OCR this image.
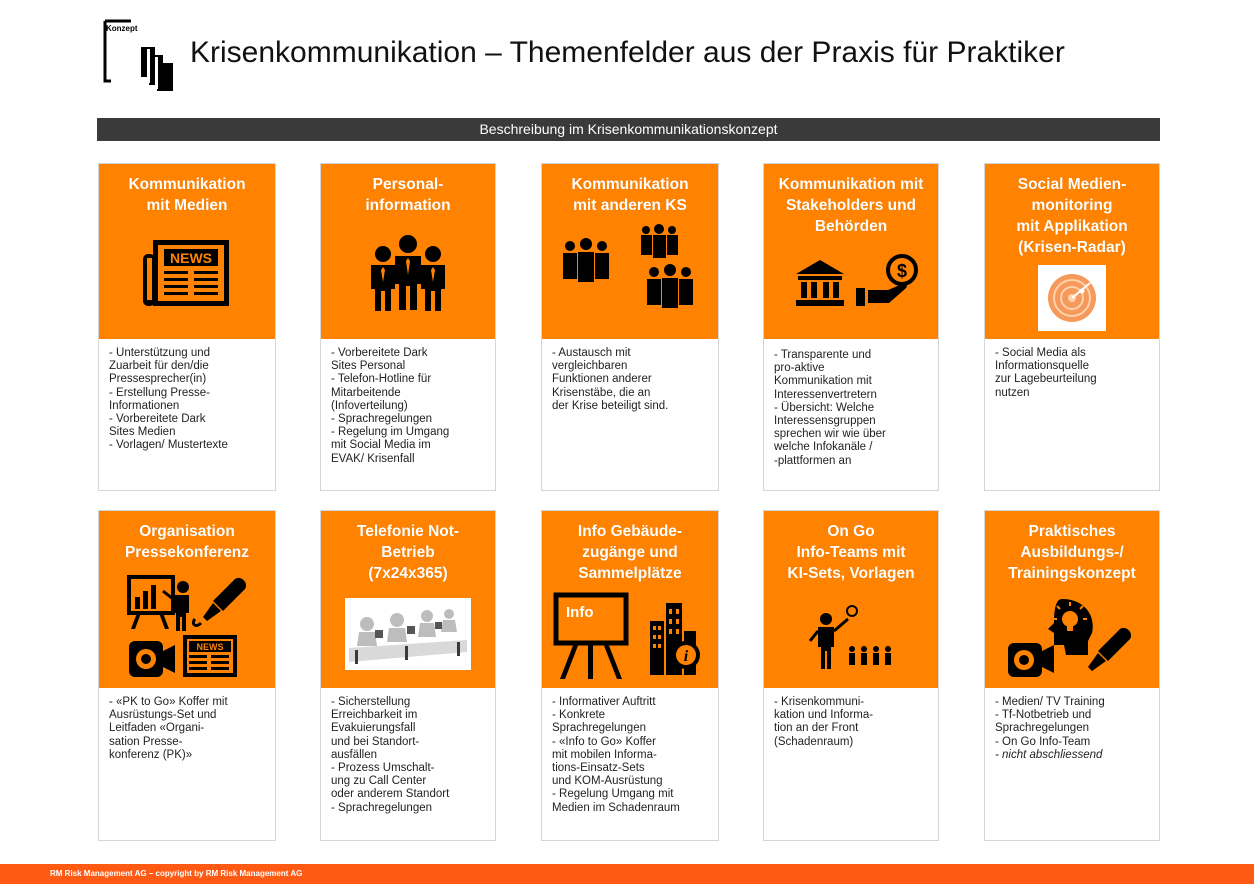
Konzept
Krisenkommunikation – Themenfelder aus der Praxis für Praktiker
Beschreibung im Krisenkommunikationskonzept
Kommunikation
mit Medien
NEWS
- Unterstützung und
Zuarbeit für den/die
Pressesprecher(in)
- Erstellung Presse-
Informationen
- Vorbereitete Dark
Sites Medien
- Vorlagen/ Mustertexte
Personal-
information
- Vorbereitete Dark
Sites Personal
- Telefon-Hotline für
Mitarbeitende
(Infoverteilung)
- Sprachregelungen
- Regelung im Umgang
mit Social Media im
EVAK/ Krisenfall
Kommunikation
mit anderen KS
- Austausch mit
vergleichbaren
Funktionen anderer
Krisenstäbe, die an
der Krise beteiligt sind.
Kommunikation mit
Stakeholders und
Behörden
$
- Transparente und
pro-aktive
Kommunikation mit
Interessenvertretern
- Übersicht: Welche
Interessensgruppen
sprechen wir wie über
welche Infokanäle /
-plattformen an
Social Medien-
monitoring
mit Applikation
(Krisen-Radar)
- Social Media als
Informationsquelle
zur Lagebeurteilung
nutzen
Organisation
Pressekonferenz
NEWS
- «PK to Go» Koffer mit
Ausrüstungs-Set und
Leitfaden «Organi-
sation Presse-
konferenz (PK)»
Telefonie Not-
Betrieb
(7x24x365)
- Sicherstellung
Erreichbarkeit im
Evakuierungsfall
und bei Standort-
ausfällen
- Prozess Umschalt-
ung zu Call Center
oder anderem Standort
- Sprachregelungen
Info Gebäude-
zugänge und
Sammelplätze
i
Info
- Informativer Auftritt
- Konkrete
Sprachregelungen
- «Info to Go» Koffer
mit mobilen Informa-
tions-Einsatz-Sets
und KOM-Ausrüstung
- Regelung Umgang mit
Medien im Schadenraum
On Go
Info-Teams mit
KI-Sets, Vorlagen
- Krisenkommuni-
kation und Informa-
tion an der Front
(Schadenraum)
Praktisches
Ausbildungs-/
Trainingskonzept
- Medien/ TV Training
- Tf-Notbetrieb und
Sprachregelungen
- On Go Info-Team
- nicht abschliessend
RM Risk Management AG – copyright by RM Risk Management AG
